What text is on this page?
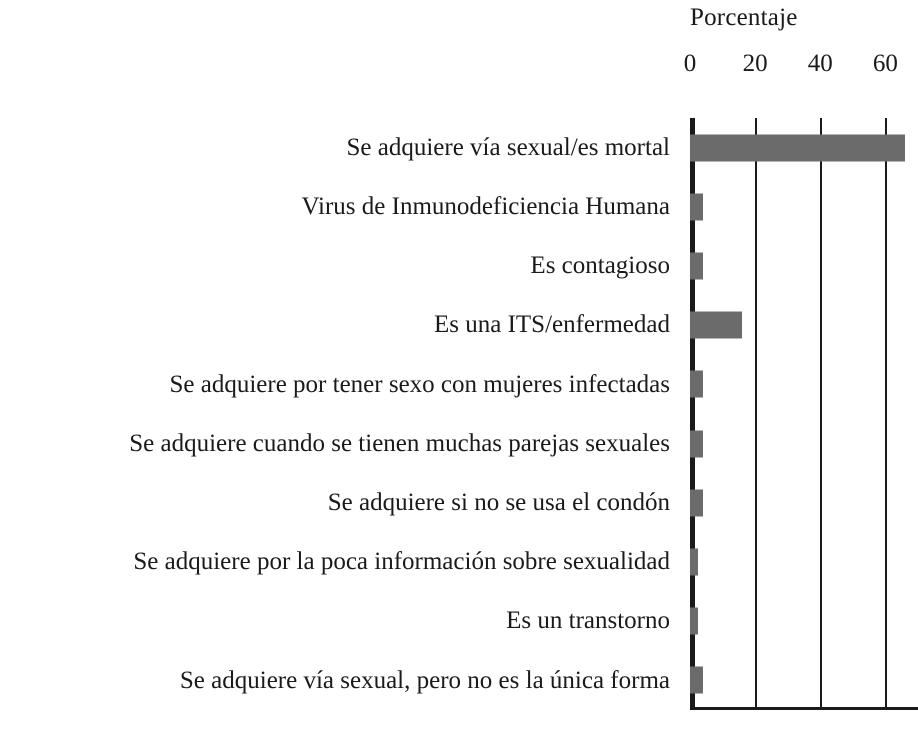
Porcentaje
0 20 40 60
Se adquiere vía sexual/es mortal
Virus de Inmunodeficiencia Humana
Es contagioso
Es una ITS/enfermedad
Se adquiere por tener sexo con mujeres infectadas
Se adquiere cuando se tienen muchas parejas sexuales
Se adquiere si no se usa el condón
Se adquiere por la poca información sobre sexualidad
Es un transtorno
Se adquiere vía sexual, pero no es la única forma
